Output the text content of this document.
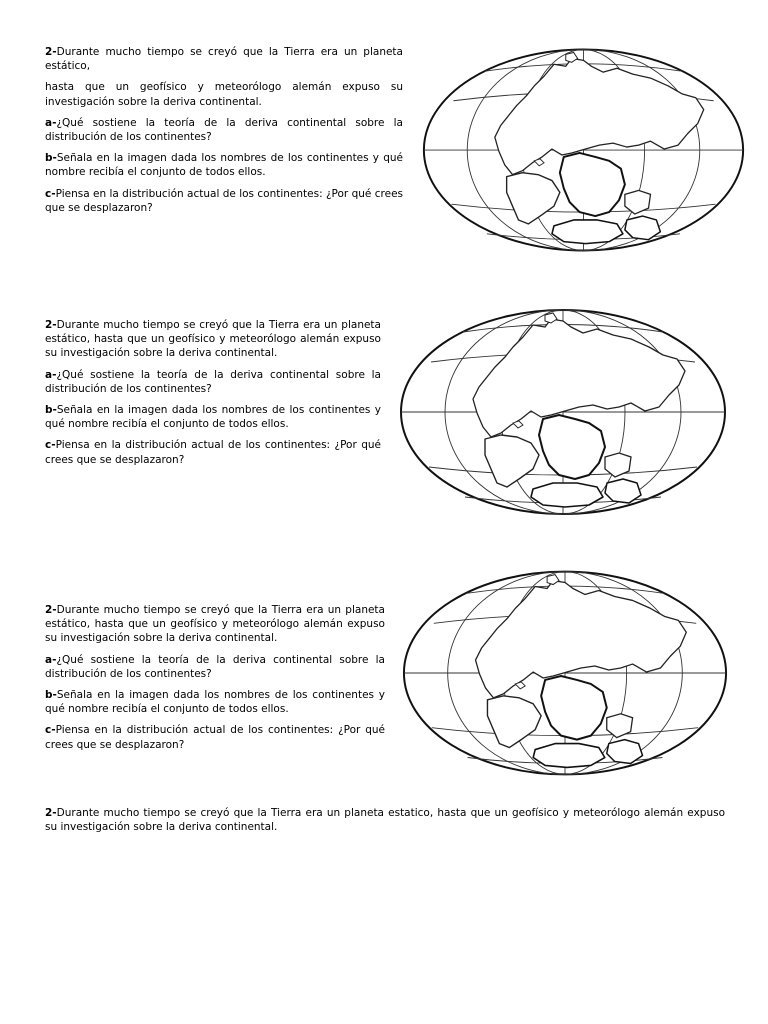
2-Durante mucho tiempo se creyó que la Tierra era un planeta estático,

hasta que un geofísico y meteorólogo alemán expuso su investigación sobre la deriva continental.

a-¿Qué sostiene la teoría de la deriva continental sobre la distribución de los continentes?

b-Señala en la imagen dada los nombres de los continentes y qué nombre recibía el conjunto de todos ellos.

c-Piensa en la distribución actual de los continentes: ¿Por qué crees que se desplazaron?

2-Durante mucho tiempo se creyó que la Tierra era un planeta estático, hasta que un geofísico y meteorólogo alemán expuso su investigación sobre la deriva continental.

a-¿Qué sostiene la teoría de la deriva continental sobre la distribución de los continentes?

b-Señala en la imagen dada los nombres de los continentes y qué nombre recibía el conjunto de todos ellos.

c-Piensa en la distribución actual de los continentes: ¿Por qué crees que se desplazaron?

2-Durante mucho tiempo se creyó que la Tierra era un planeta estático, hasta que un geofísico y meteorólogo alemán expuso su investigación sobre la deriva continental.

a-¿Qué sostiene la teoría de la deriva continental sobre la distribución de los continentes?

b-Señala en la imagen dada los nombres de los continentes y qué nombre recibía el conjunto de todos ellos.

c-Piensa en la distribución actual de los continentes: ¿Por qué crees que se desplazaron?

2-Durante mucho tiempo se creyó que la Tierra era un planeta estatico, hasta que un geofísico y meteorólogo alemán expuso su investigación sobre la deriva continental.
